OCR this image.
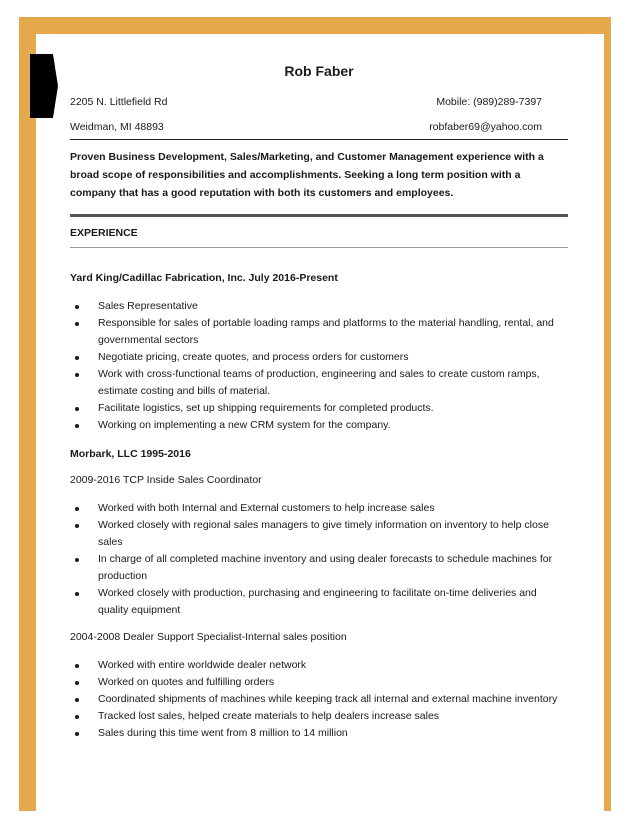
Rob Faber
2205 N. Littlefield Rd	Mobile: (989)289-7397
Weidman, MI 48893	robfaber69@yahoo.com
Proven Business Development, Sales/Marketing, and Customer Management experience with a broad scope of responsibilities and accomplishments. Seeking a long term position with a company that has a good reputation with both its customers and employees.
EXPERIENCE
Yard King/Cadillac Fabrication, Inc. July 2016-Present
Sales Representative
Responsible for sales of portable loading ramps and platforms to the material handling, rental, and governmental sectors
Negotiate pricing, create quotes, and process orders for customers
Work with cross-functional teams of production, engineering and sales to create custom ramps, estimate costing and bills of material.
Facilitate logistics, set up shipping requirements for completed products.
Working on implementing a new CRM system for the company.
Morbark, LLC 1995-2016
2009-2016 TCP Inside Sales Coordinator
Worked with both Internal and External customers to help increase sales
Worked closely with regional sales managers to give timely information on inventory to help close sales
In charge of all completed machine inventory and using dealer forecasts to schedule machines for production
Worked closely with production, purchasing and engineering to facilitate on-time deliveries and quality equipment
2004-2008 Dealer Support Specialist-Internal sales position
Worked with entire worldwide dealer network
Worked on quotes and fulfilling orders
Coordinated shipments of machines while keeping track all internal and external machine inventory
Tracked lost sales, helped create materials to help dealers increase sales
Sales during this time went from 8 million to 14 million
